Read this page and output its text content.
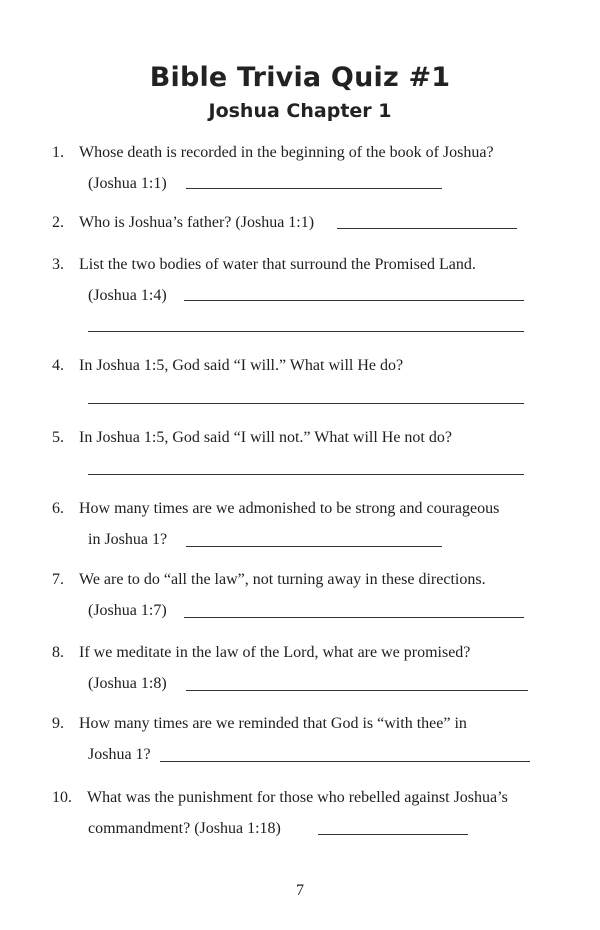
Bible Trivia Quiz #1
Joshua Chapter 1
1. Whose death is recorded in the beginning of the book of Joshua?
(Joshua 1:1)
2. Who is Joshua’s father? (Joshua 1:1)
3. List the two bodies of water that surround the Promised Land.
(Joshua 1:4)
4. In Joshua 1:5, God said “I will.” What will He do?
5. In Joshua 1:5, God said “I will not.” What will He not do?
6. How many times are we admonished to be strong and courageous
in Joshua 1?
7. We are to do “all the law”, not turning away in these directions.
(Joshua 1:7)
8. If we meditate in the law of the Lord, what are we promised?
(Joshua 1:8)
9. How many times are we reminded that God is “with thee” in
Joshua 1?
10. What was the punishment for those who rebelled against Joshua’s
commandment? (Joshua 1:18)
7
